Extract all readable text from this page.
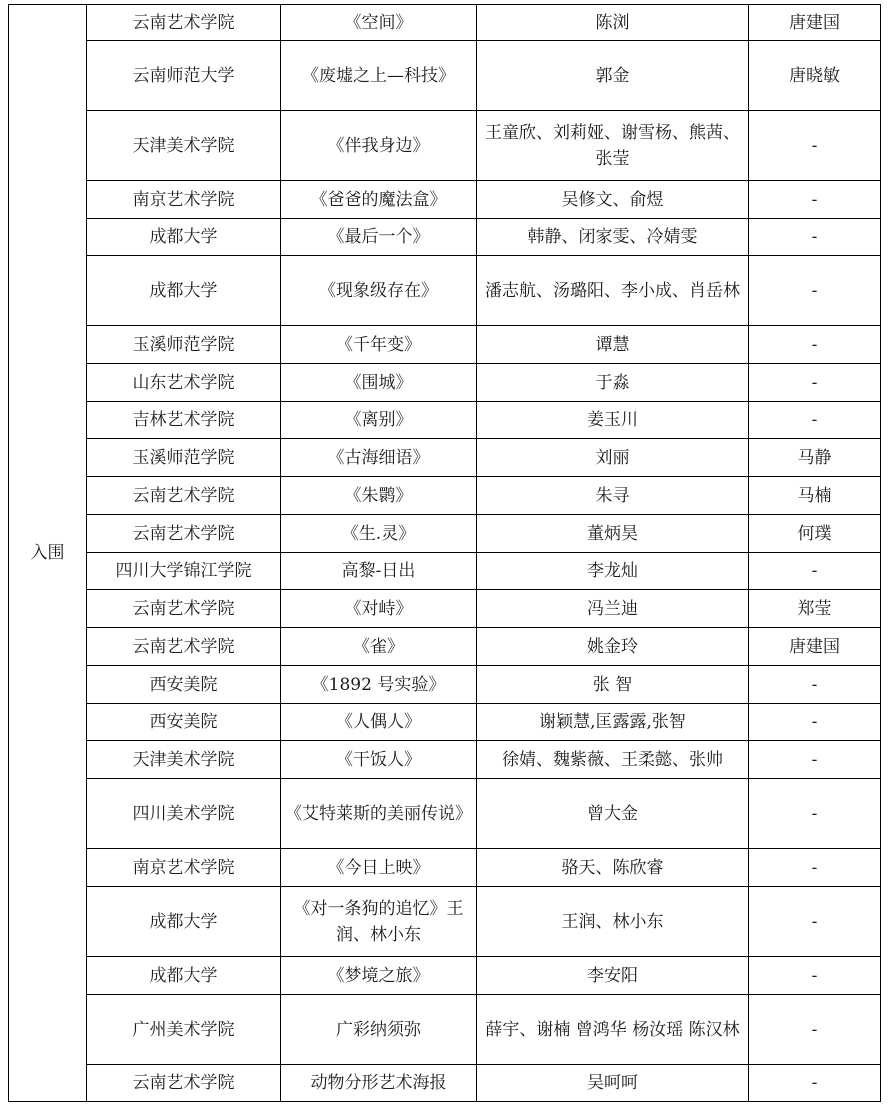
入围	云南艺术学院	《空间》	陈浏	唐建国
	云南师范大学	《废墟之上—科技》	郭金	唐晓敏
	天津美术学院	《伴我身边》	王童欣、刘莉娅、谢雪杨、熊茜、张莹	-
	南京艺术学院	《爸爸的魔法盒》	吴修文、俞煜	-
	成都大学	《最后一个》	韩静、闭家雯、冷婧雯	-
	成都大学	《现象级存在》	潘志航、汤璐阳、李小成、肖岳林	-
	玉溪师范学院	《千年变》	谭慧	-
	山东艺术学院	《围城》	于淼	-
	吉林艺术学院	《离别》	姜玉川	-
	玉溪师范学院	《古海细语》	刘丽	马静
	云南艺术学院	《朱鹮》	朱寻	马楠
	云南艺术学院	《生.灵》	董炳昊	何璞
	四川大学锦江学院	高黎-日出	李龙灿	-
	云南艺术学院	《对峙》	冯兰迪	郑莹
	云南艺术学院	《雀》	姚金玲	唐建国
	西安美院	《1892 号实验》	张 智	-
	西安美院	《人偶人》	谢颖慧,匡露露,张智	-
	天津美术学院	《干饭人》	徐婧、魏紫薇、王柔懿、张帅	-
	四川美术学院	《艾特莱斯的美丽传说》	曾大金	-
	南京艺术学院	《今日上映》	骆天、陈欣睿	-
	成都大学	《对一条狗的追忆》王润、林小东	王润、林小东	-
	成都大学	《梦境之旅》	李安阳	-
	广州美术学院	广彩纳须弥	薛宇、谢楠 曾鸿华 杨汝瑶 陈汉林	-
	云南艺术学院	动物分形艺术海报	吴呵呵	-
